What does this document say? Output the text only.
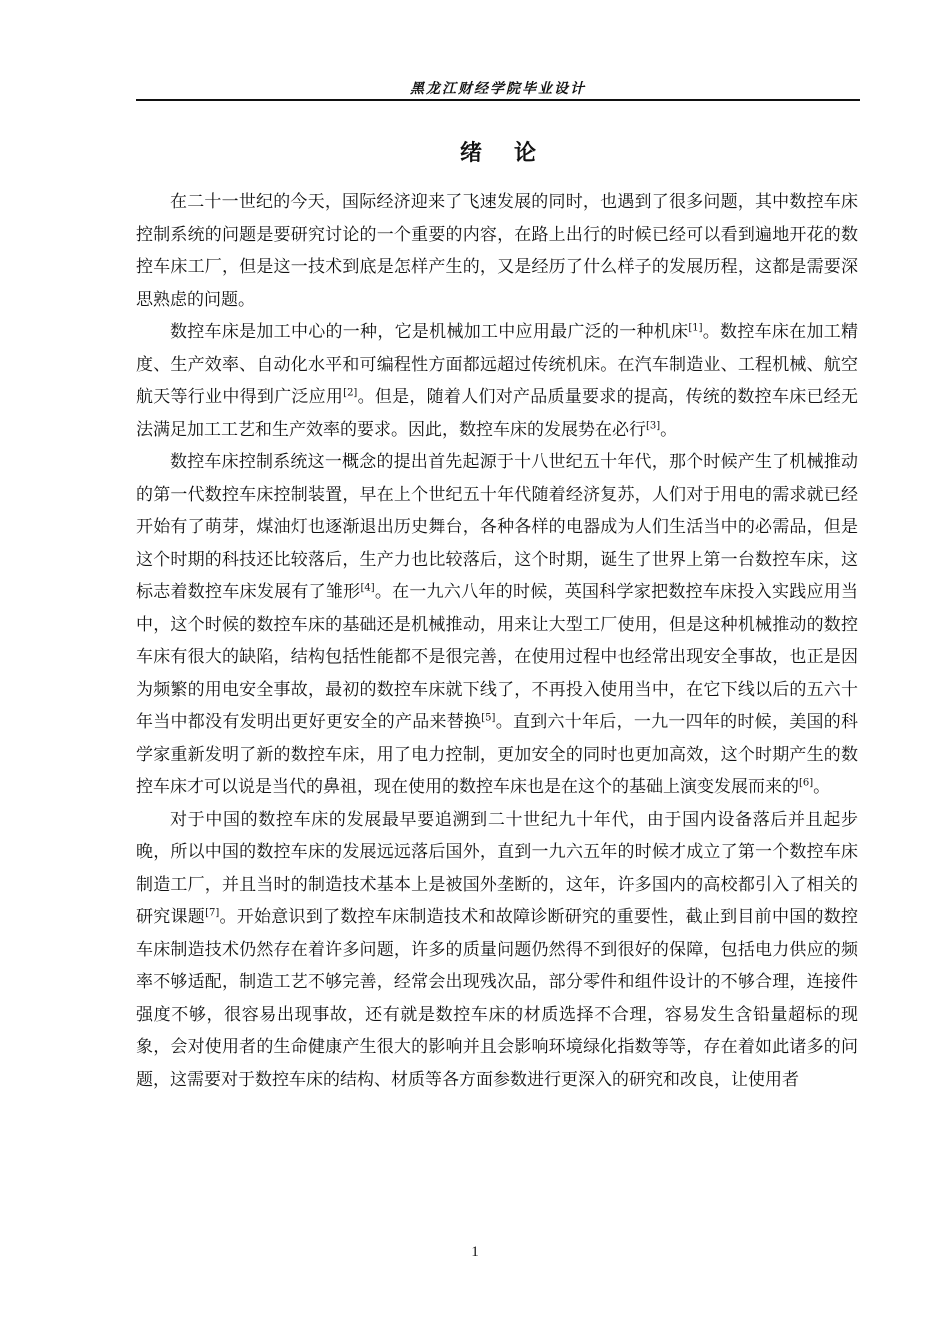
黑龙江财经学院毕业设计
绪论

在二十一世纪的今天，国际经济迎来了飞速发展的同时，也遇到了很多问题，其中数控车床控制系统的问题是要研究讨论的一个重要的内容，在路上出行的时候已经可以看到遍地开花的数控车床工厂，但是这一技术到底是怎样产生的，又是经历了什么样子的发展历程，这都是需要深思熟虑的问题。

数控车床是加工中心的一种，它是机械加工中应用最广泛的一种机床[1]。数控车床在加工精度、生产效率、自动化水平和可编程性方面都远超过传统机床。在汽车制造业、工程机械、航空航天等行业中得到广泛应用[2]。但是，随着人们对产品质量要求的提高，传统的数控车床已经无法满足加工工艺和生产效率的要求。因此，数控车床的发展势在必行[3]。

数控车床控制系统这一概念的提出首先起源于十八世纪五十年代，那个时候产生了机械推动的第一代数控车床控制装置，早在上个世纪五十年代随着经济复苏，人们对于用电的需求就已经开始有了萌芽，煤油灯也逐渐退出历史舞台，各种各样的电器成为人们生活当中的必需品，但是这个时期的科技还比较落后，生产力也比较落后，这个时期，诞生了世界上第一台数控车床，这标志着数控车床发展有了雏形[4]。在一九六八年的时候，英国科学家把数控车床投入实践应用当中，这个时候的数控车床的基础还是机械推动，用来让大型工厂使用，但是这种机械推动的数控车床有很大的缺陷，结构包括性能都不是很完善，在使用过程中也经常出现安全事故，也正是因为频繁的用电安全事故，最初的数控车床就下线了，不再投入使用当中，在它下线以后的五六十年当中都没有发明出更好更安全的产品来替换[5]。直到六十年后，一九一四年的时候，美国的科学家重新发明了新的数控车床，用了电力控制，更加安全的同时也更加高效，这个时期产生的数控车床才可以说是当代的鼻祖，现在使用的数控车床也是在这个的基础上演变发展而来的[6]。

对于中国的数控车床的发展最早要追溯到二十世纪九十年代，由于国内设备落后并且起步晚，所以中国的数控车床的发展远远落后国外，直到一九六五年的时候才成立了第一个数控车床制造工厂，并且当时的制造技术基本上是被国外垄断的，这年，许多国内的高校都引入了相关的研究课题[7]。开始意识到了数控车床制造技术和故障诊断研究的重要性，截止到目前中国的数控车床制造技术仍然存在着许多问题，许多的质量问题仍然得不到很好的保障，包括电力供应的频率不够适配，制造工艺不够完善，经常会出现残次品，部分零件和组件设计的不够合理，连接件强度不够，很容易出现事故，还有就是数控车床的材质选择不合理，容易发生含铅量超标的现象，会对使用者的生命健康产生很大的影响并且会影响环境绿化指数等等，存在着如此诸多的问题，这需要对于数控车床的结构、材质等各方面参数进行更深入的研究和改良，让使用者

1
